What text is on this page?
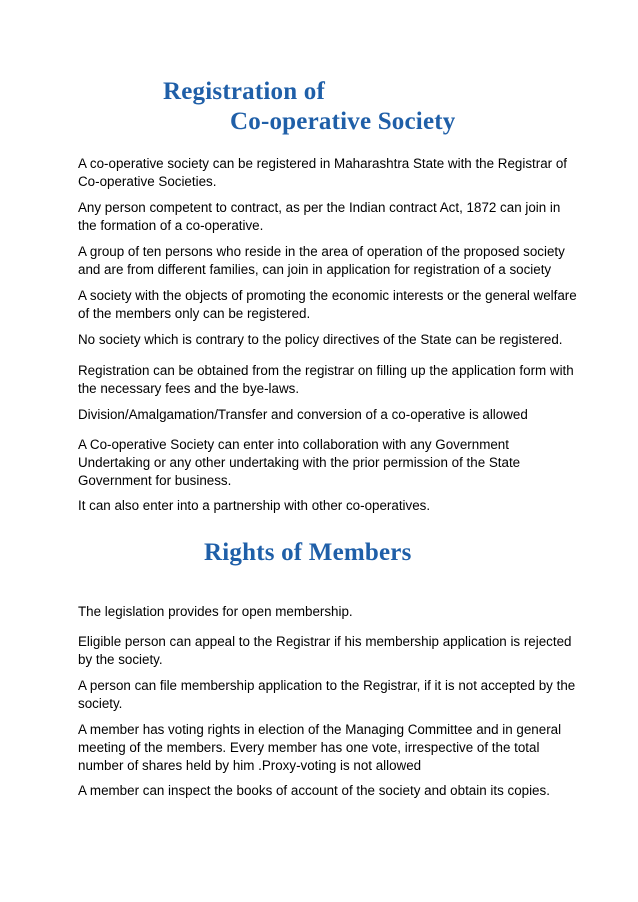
Registration of
Co-operative Society

A co-operative society can be registered in Maharashtra State with the Registrar of
Co-operative Societies.

Any person competent to contract, as per the Indian contract Act, 1872 can join in
the formation of a co-operative.

A group of ten persons who reside in the area of operation of the proposed society
and are from different families, can join in application for registration of a society

A society with the objects of promoting the economic interests or the general welfare
of the members only can be registered.

No society which is contrary to the policy directives of the State can be registered.

Registration can be obtained from the registrar on filling up the application form with
the necessary fees and the bye-laws.

Division/Amalgamation/Transfer and conversion of a co-operative is allowed

A Co-operative Society can enter into collaboration with any Government
Undertaking or any other undertaking with the prior permission of the State
Government for business.

It can also enter into a partnership with other co-operatives.

Rights of Members

The legislation provides for open membership.

Eligible person can appeal to the Registrar if his membership application is rejected
by the society.

A person can file membership application to the Registrar, if it is not accepted by the
society.

A member has voting rights in election of the Managing Committee and in general
meeting of the members. Every member has one vote, irrespective of the total
number of shares held by him .Proxy-voting is not allowed

A member can inspect the books of account of the society and obtain its copies.
